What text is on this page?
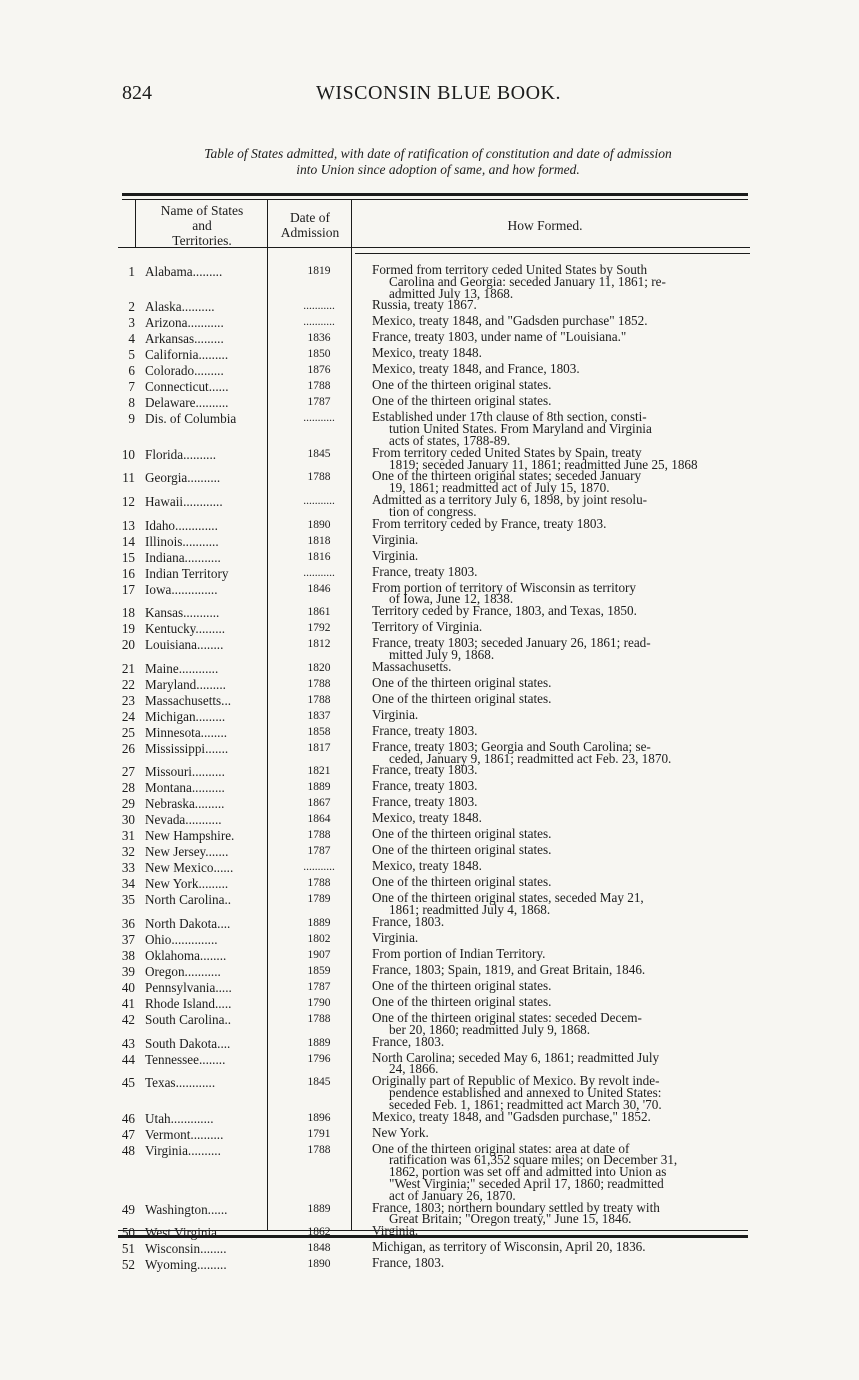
824	WISCONSIN BLUE BOOK.
Table of States admitted, with date of ratification of constitution and date of admission
into Union since adoption of same, and how formed.
Name of States
and
Territories.
Date of
Admission	How Formed.
1 Alabama.........	1819	Formed from territory ceded United States by South
Carolina and Georgia: seceded January 11, 1861; re-
admitted July 13, 1868.
2 Alaska..........	...........	Russia, treaty 1867.
3 Arizona...........	...........	Mexico, treaty 1848, and "Gadsden purchase" 1852.
4 Arkansas.........	1836	France, treaty 1803, under name of "Louisiana."
5 California.........	1850	Mexico, treaty 1848.
6 Colorado.........	1876	Mexico, treaty 1848, and France, 1803.
7 Connecticut......	1788	One of the thirteen original states.
8 Delaware..........	1787	One of the thirteen original states.
9 Dis. of Columbia	...........	Established under 17th clause of 8th section, consti-
tution United States. From Maryland and Virginia
acts of states, 1788-89.
10 Florida..........	1845	From territory ceded United States by Spain, treaty
1819; seceded January 11, 1861; readmitted June 25, 1868
11 Georgia..........	1788	One of the thirteen original states; seceded January
19, 1861; readmitted act of July 15, 1870.
12 Hawaii............	...........	Admitted as a territory July 6, 1898, by joint resolu-
tion of congress.
13 Idaho.............	1890	From territory ceded by France, treaty 1803.
14 Illinois...........	1818	Virginia.
15 Indiana...........	1816	Virginia.
16 Indian Territory	...........	France, treaty 1803.
17 Iowa..............	1846	From portion of territory of Wisconsin as territory
of Iowa, June 12, 1838.
18 Kansas...........	1861	Territory ceded by France, 1803, and Texas, 1850.
19 Kentucky.........	1792	Territory of Virginia.
20 Louisiana........	1812	France, treaty 1803; seceded January 26, 1861; read-
mitted July 9, 1868.
21 Maine............	1820	Massachusetts.
22 Maryland.........	1788	One of the thirteen original states.
23 Massachusetts...	1788	One of the thirteen original states.
24 Michigan.........	1837	Virginia.
25 Minnesota........	1858	France, treaty 1803.
26 Mississippi.......	1817	France, treaty 1803; Georgia and South Carolina; se-
ceded, January 9, 1861; readmitted act Feb. 23, 1870.
27 Missouri..........	1821	France, treaty 1803.
28 Montana..........	1889	France, treaty 1803.
29 Nebraska.........	1867	France, treaty 1803.
30 Nevada...........	1864	Mexico, treaty 1848.
31 New Hampshire.	1788	One of the thirteen original states.
32 New Jersey.......	1787	One of the thirteen original states.
33 New Mexico......	...........	Mexico, treaty 1848.
34 New York.........	1788	One of the thirteen original states.
35 North Carolina..	1789	One of the thirteen original states, seceded May 21,
1861; readmitted July 4, 1868.
36 North Dakota....	1889	France, 1803.
37 Ohio..............	1802	Virginia.
38 Oklahoma........	1907	From portion of Indian Territory.
39 Oregon...........	1859	France, 1803; Spain, 1819, and Great Britain, 1846.
40 Pennsylvania.....	1787	One of the thirteen original states.
41 Rhode Island.....	1790	One of the thirteen original states.
42 South Carolina..	1788	One of the thirteen original states: seceded Decem-
ber 20, 1860; readmitted July 9, 1868.
43 South Dakota....	1889	France, 1803.
44 Tennessee........	1796	North Carolina; seceded May 6, 1861; readmitted July
24, 1866.
45 Texas............	1845	Originally part of Republic of Mexico. By revolt inde-
pendence established and annexed to United States:
seceded Feb. 1, 1861; readmitted act March 30, '70.
46 Utah.............	1896	Mexico, treaty 1848, and "Gadsden purchase," 1852.
47 Vermont..........	1791	New York.
48 Virginia..........	1788	One of the thirteen original states: area at date of
ratification was 61,352 square miles; on December 31,
1862, portion was set off and admitted into Union as
"West Virginia;" seceded April 17, 1860; readmitted
act of January 26, 1870.
49 Washington......	1889	France, 1803; northern boundary settled by treaty with
Great Britain; "Oregon treaty," June 15, 1846.
50 West Virginia...	1862	Virginia.
51 Wisconsin........	1848	Michigan, as territory of Wisconsin, April 20, 1836.
52 Wyoming.........	1890	France, 1803.
